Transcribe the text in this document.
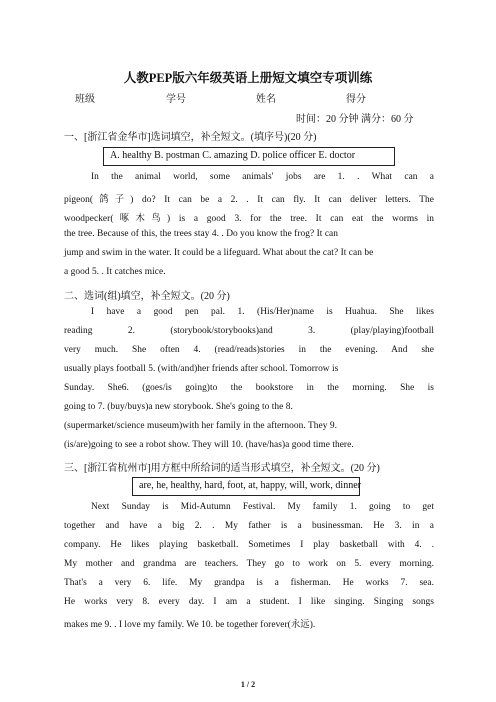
人教PEP版六年级英语上册短文填空专项训练
班级	学号	姓名	得分
时间：20 分钟 满分：60 分
一、[浙江省金华市]选词填空，补全短文。(填序号)(20 分)
A. healthy B. postman C. amazing D. police officer E. doctor
In the animal world, some animals' jobs are 1. . What can a
pigeon(鸽子) do? It can be a 2. . It can fly. It can deliver letters. The
woodpecker(啄木鸟) is a good 3. for the tree. It can eat the worms in
the tree. Because of this, the trees stay 4. . Do you know the frog? It can
jump and swim in the water. It could be a lifeguard. What about the cat? It can be
a good 5. . It catches mice.
二、选词(组)填空，补全短文。(20 分)
I have a good pen pal. 1. (His/Her)name is Huahua. She likes
reading 2. (storybook/storybooks)and 3. (play/playing)football
very much. She often 4. (read/reads)stories in the evening. And she
usually plays football 5. (with/and)her friends after school. Tomorrow is
Sunday. She6. (goes/is going)to the bookstore in the morning. She is
going to 7. (buy/buys)a new storybook. She's going to the 8.
(supermarket/science museum)with her family in the afternoon. They 9.
(is/are)going to see a robot show. They will 10. (have/has)a good time there.
三、[浙江省杭州市]用方框中所给词的适当形式填空，补全短文。(20 分)
are, he, healthy, hard, foot, at, happy, will, work, dinner
Next Sunday is Mid-Autumn Festival. My family 1. going to get
together and have a big 2. . My father is a businessman. He 3. in a
company. He likes playing basketball. Sometimes I play basketball with 4. .
My mother and grandma are teachers. They go to work on 5. every morning.
That's a very 6. life. My grandpa is a fisherman. He works 7. sea.
He works very 8. every day. I am a student. I like singing. Singing songs
makes me 9. . I love my family. We 10. be together forever(永远).
1 / 2
